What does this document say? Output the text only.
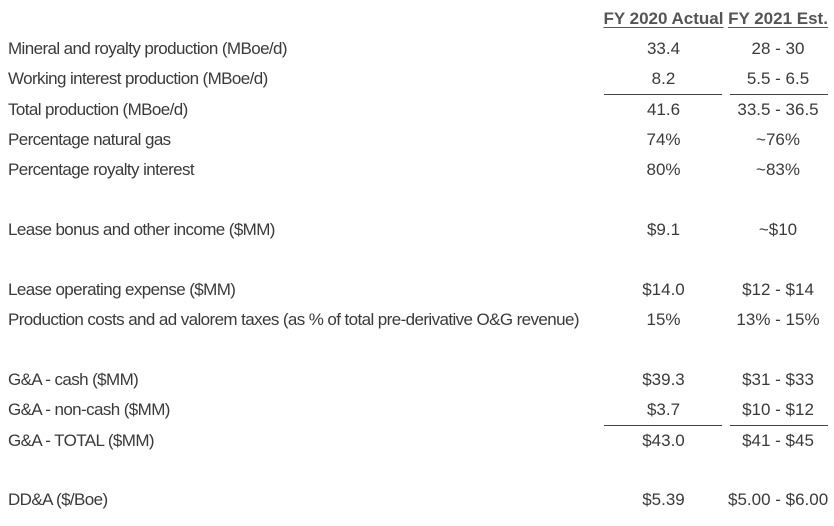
FY 2020 Actual FY 2021 Est.
Mineral and royalty production (MBoe/d)	33.4	28 - 30
Working interest production (MBoe/d)	8.2	5.5 - 6.5
Total production (MBoe/d)	41.6	33.5 - 36.5
Percentage natural gas	74%	~76%
Percentage royalty interest	80%	~83%
Lease bonus and other income ($MM)	$9.1	~$10
Lease operating expense ($MM)	$14.0	$12 - $14
Production costs and ad valorem taxes (as % of total pre-derivative O&G revenue)	15%	13% - 15%
G&A - cash ($MM)	$39.3	$31 - $33
G&A - non-cash ($MM)	$3.7	$10 - $12
G&A - TOTAL ($MM)	$43.0	$41 - $45
DD&A ($/Boe)	$5.39	$5.00 - $6.00
